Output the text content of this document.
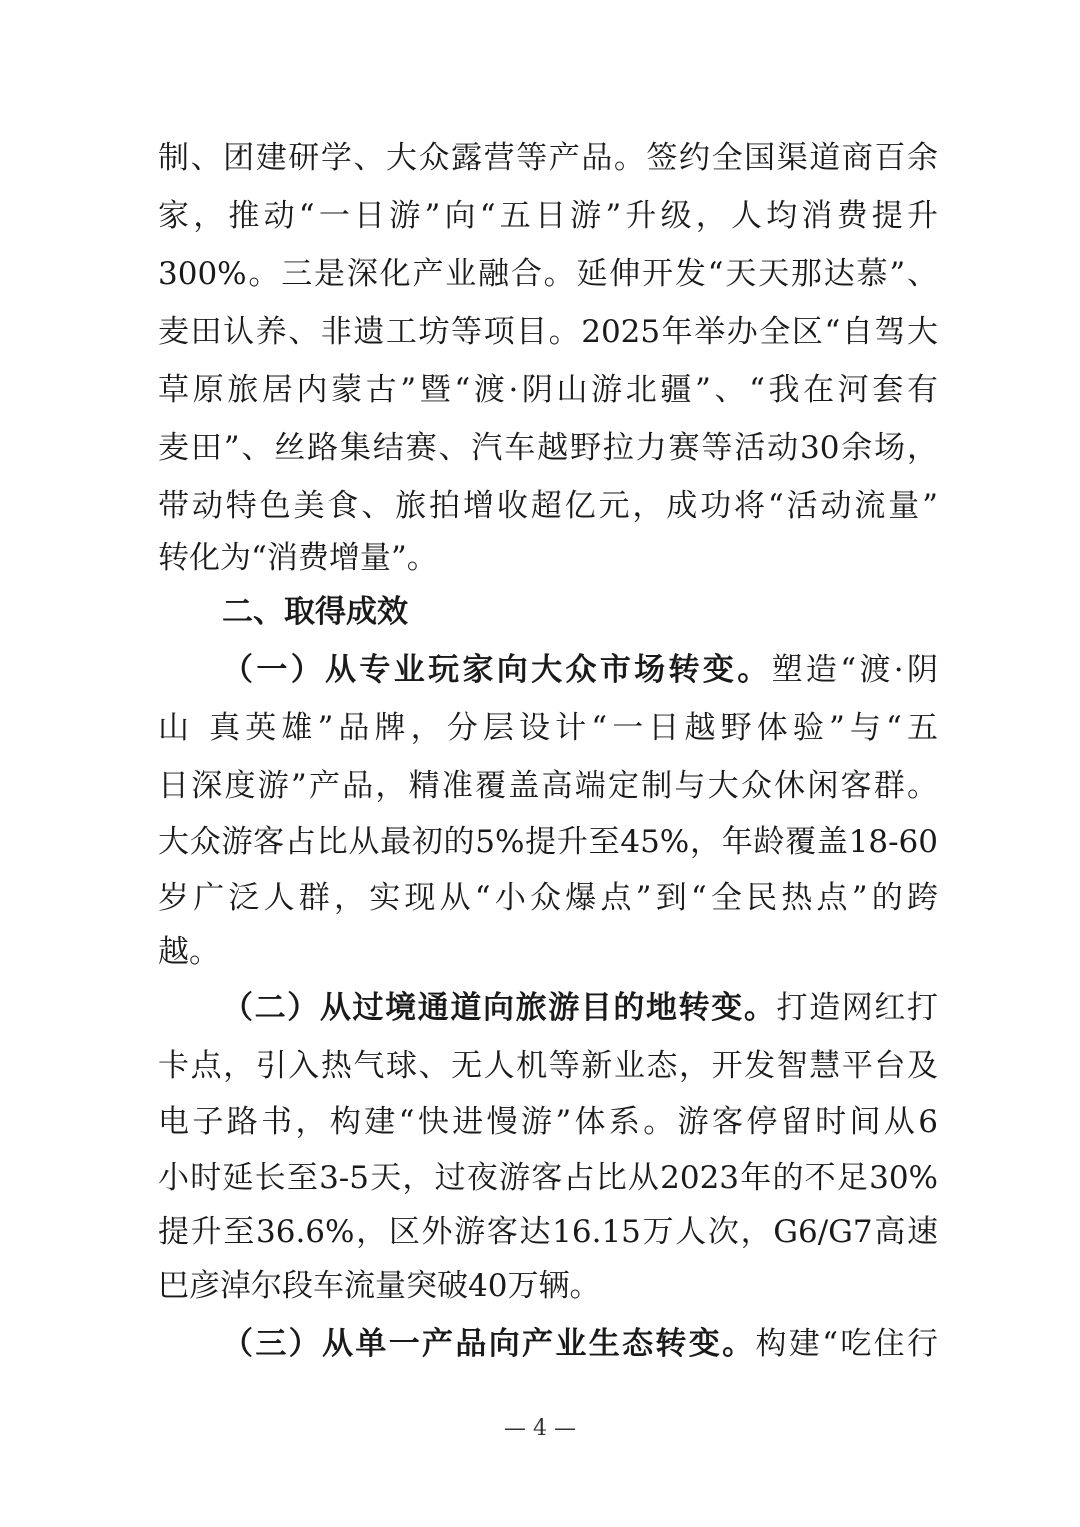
制、团建研学、大众露营等产品。签约全国渠道商百余
家，推动“一日游”向“五日游”升级，人均消费提升
300%。三是深化产业融合。延伸开发“天天那达慕”、
麦田认养、非遗工坊等项目。2025年举办全区“自驾大
草原旅居内蒙古”暨“渡·阴山游北疆”、“我在河套有
麦田”、丝路集结赛、汽车越野拉力赛等活动30余场，
带动特色美食、旅拍增收超亿元，成功将“活动流量”
转化为“消费增量”。
二、取得成效
（一）从专业玩家向大众市场转变。塑造“渡·阴
山 真英雄”品牌，分层设计“一日越野体验”与“五
日深度游”产品，精准覆盖高端定制与大众休闲客群。
大众游客占比从最初的5%提升至45%，年龄覆盖18-60
岁广泛人群，实现从“小众爆点”到“全民热点”的跨
越。
（二）从过境通道向旅游目的地转变。打造网红打
卡点，引入热气球、无人机等新业态，开发智慧平台及
电子路书，构建“快进慢游”体系。游客停留时间从6
小时延长至3-5天，过夜游客占比从2023年的不足30%
提升至36.6%，区外游客达16.15万人次，G6/G7高速
巴彦淖尔段车流量突破40万辆。
（三）从单一产品向产业生态转变。构建“吃住行
— 4 —
